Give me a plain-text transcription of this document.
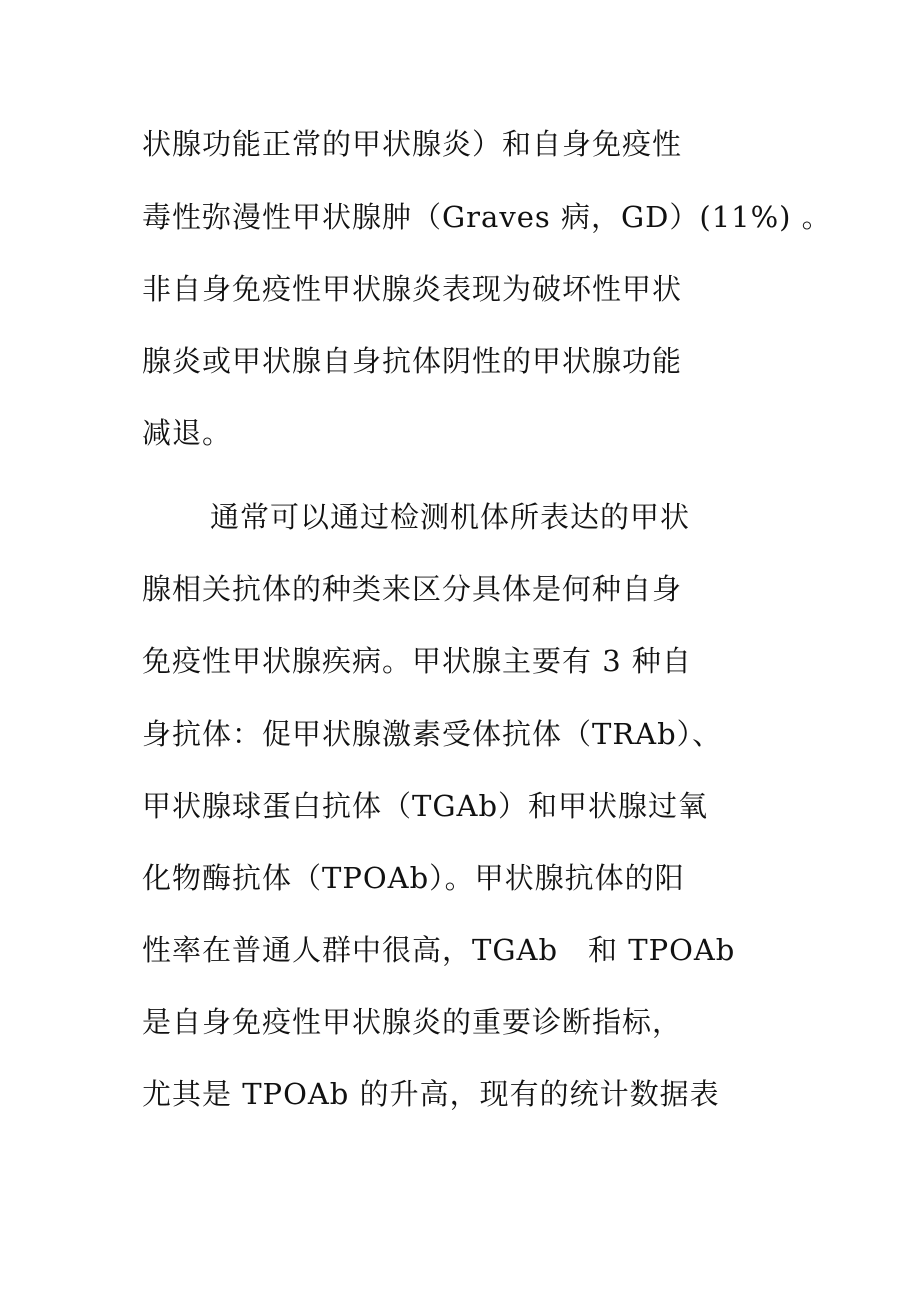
状腺功能正常的甲状腺炎）和自身免疫性
毒性弥漫性甲状腺肿（Graves 病，GD）(11%) 。
非自身免疫性甲状腺炎表现为破坏性甲状
腺炎或甲状腺自身抗体阴性的甲状腺功能
减退。
通常可以通过检测机体所表达的甲状
腺相关抗体的种类来区分具体是何种自身
免疫性甲状腺疾病。甲状腺主要有 3 种自
身抗体：促甲状腺激素受体抗体（TRAb）、
甲状腺球蛋白抗体（TGAb）和甲状腺过氧
化物酶抗体（TPOAb）。甲状腺抗体的阳
性率在普通人群中很高，TGAb　和 TPOAb
是自身免疫性甲状腺炎的重要诊断指标，
尤其是 TPOAb 的升高，现有的统计数据表
